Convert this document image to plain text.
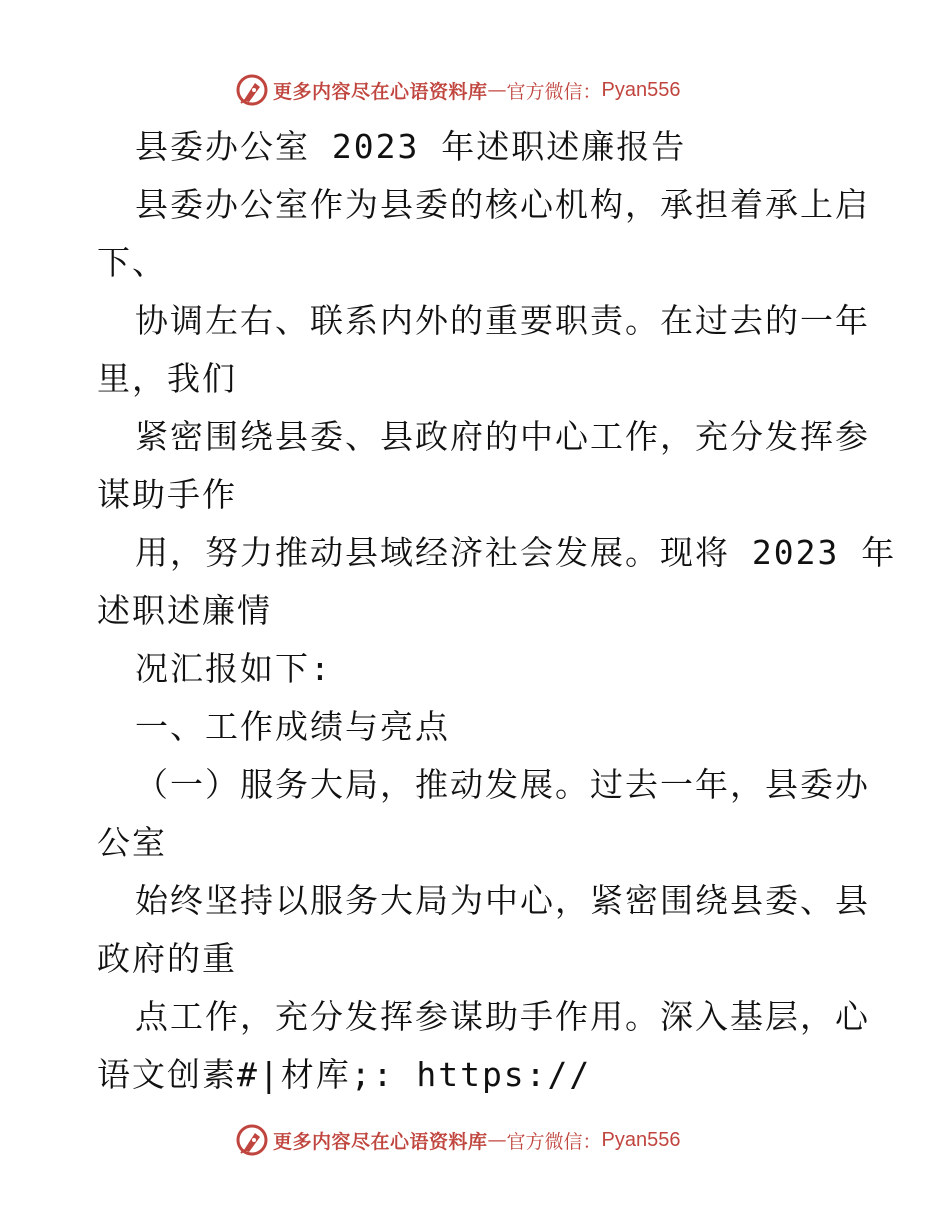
更多内容尽在心语资料库 — 官方微信： Pyan556
县委办公室 2023 年述职述廉报告
县委办公室作为县委的核心机构，承担着承上启
下、
协调左右、联系内外的重要职责。在过去的一年
里，我们
紧密围绕县委、县政府的中心工作，充分发挥参
谋助手作
用，努力推动县域经济社会发展。现将 2023 年
述职述廉情
况汇报如下:
一、工作成绩与亮点
（一）服务大局，推动发展。过去一年，县委办
公室
始终坚持以服务大局为中心，紧密围绕县委、县
政府的重
点工作，充分发挥参谋助手作用。深入基层，心
语文创素#|材库;: https://
更多内容尽在心语资料库 — 官方微信： Pyan556
